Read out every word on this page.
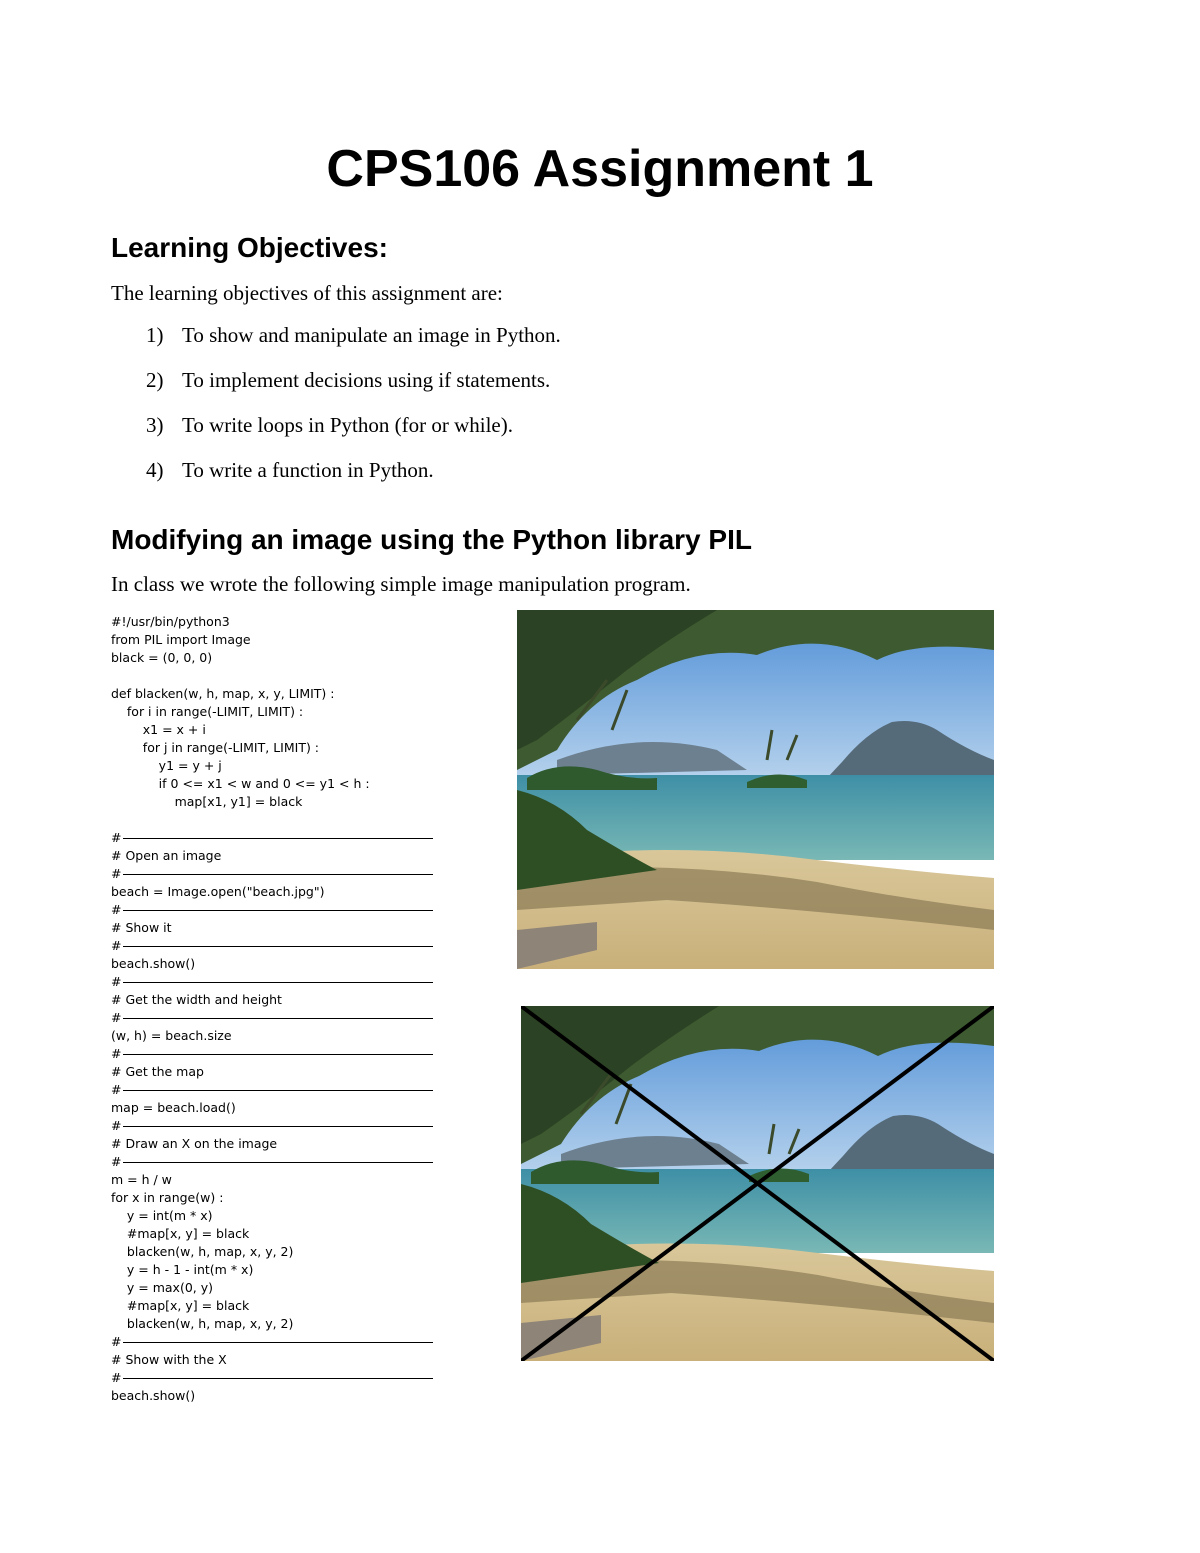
CPS106 Assignment 1
Learning Objectives:

The learning objectives of this assignment are:

1) To show and manipulate an image in Python.
2) To implement decisions using if statements.
3) To write loops in Python (for or while).
4) To write a function in Python.
Modifying an image using the Python library PIL

In class we wrote the following simple image manipulation program.

#!/usr/bin/python3
from PIL import Image
black = (0, 0, 0)
def blacken(w, h, map, x, y, LIMIT) :
for i in range(-LIMIT, LIMIT) :
x1 = x + i
for j in range(-LIMIT, LIMIT) :
y1 = y + j
if 0 <= x1 < w and 0 <= y1 < h :
map[x1, y1] = black
#
# Open an image
#
beach = Image.open("beach.jpg")
#
# Show it
#
beach.show()
#
# Get the width and height
#
(w, h) = beach.size
#
# Get the map
#
map = beach.load()
#
# Draw an X on the image
#
m = h / w
for x in range(w) :
y = int(m * x)
#map[x, y] = black
blacken(w, h, map, x, y, 2)
y = h - 1 - int(m * x)
y = max(0, y)
#map[x, y] = black
blacken(w, h, map, x, y, 2)
#
# Show with the X
#
beach.show()
